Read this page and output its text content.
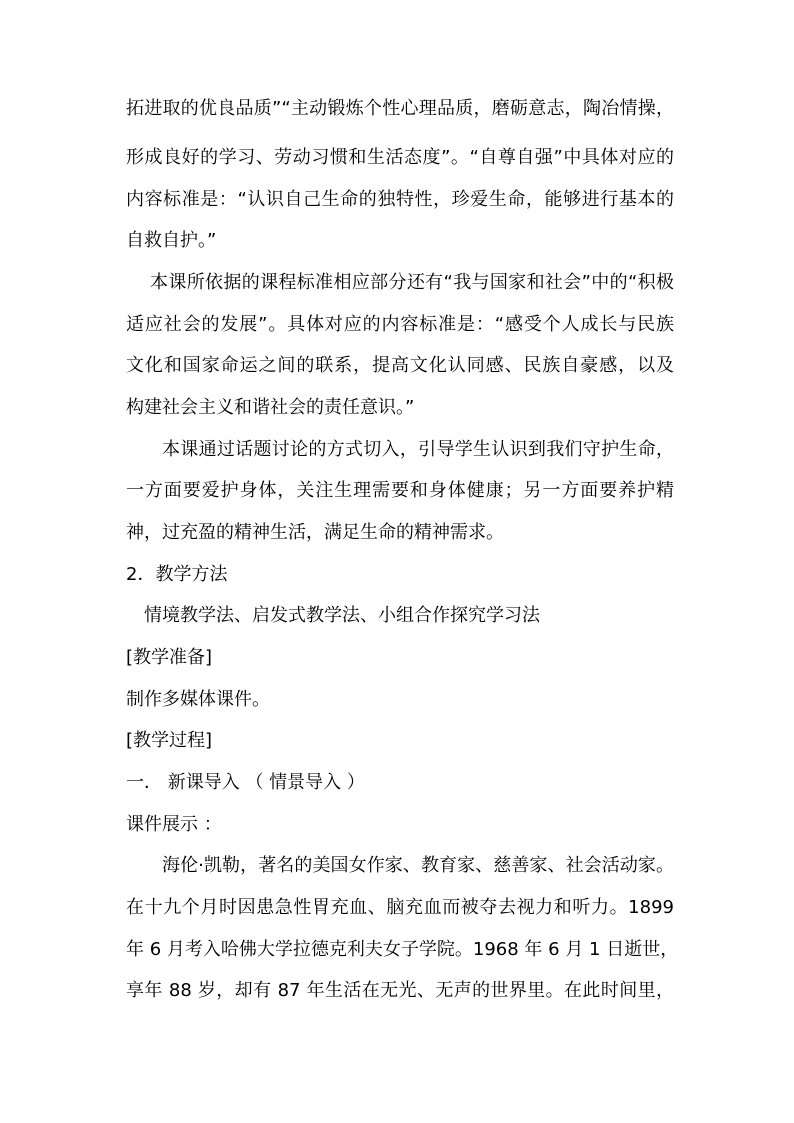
拓进取的优良品质”“主动锻炼个性心理品质，磨砺意志，陶冶情操，
形成良好的学习、劳动习惯和生活态度”。“自尊自强”中具体对应的
内容标准是：“认识自己生命的独特性，珍爱生命，能够进行基本的
自救自护。”
本课所依据的课程标准相应部分还有“我与国家和社会”中的“积极
适应社会的发展”。具体对应的内容标准是：“感受个人成长与民族
文化和国家命运之间的联系，提高文化认同感、民族自豪感，以及
构建社会主义和谐社会的责任意识。”
本课通过话题讨论的方式切入，引导学生认识到我们守护生命，
一方面要爱护身体，关注生理需要和身体健康；另一方面要养护精
神，过充盈的精神生活，满足生命的精神需求。
2．教学方法
情境教学法、启发式教学法、小组合作探究学习法
[教学准备]
制作多媒体课件。
[教学过程]
一． 新课导入 （ 情景导入 ）
课件展示 ：
海伦·凯勒，著名的美国女作家、教育家、慈善家、社会活动家。
在十九个月时因患急性胃充血、脑充血而被夺去视力和听力。1899
年 6 月考入哈佛大学拉德克利夫女子学院。1968 年 6 月 1 日逝世，
享年 88 岁，却有 87 年生活在无光、无声的世界里。在此时间里，
